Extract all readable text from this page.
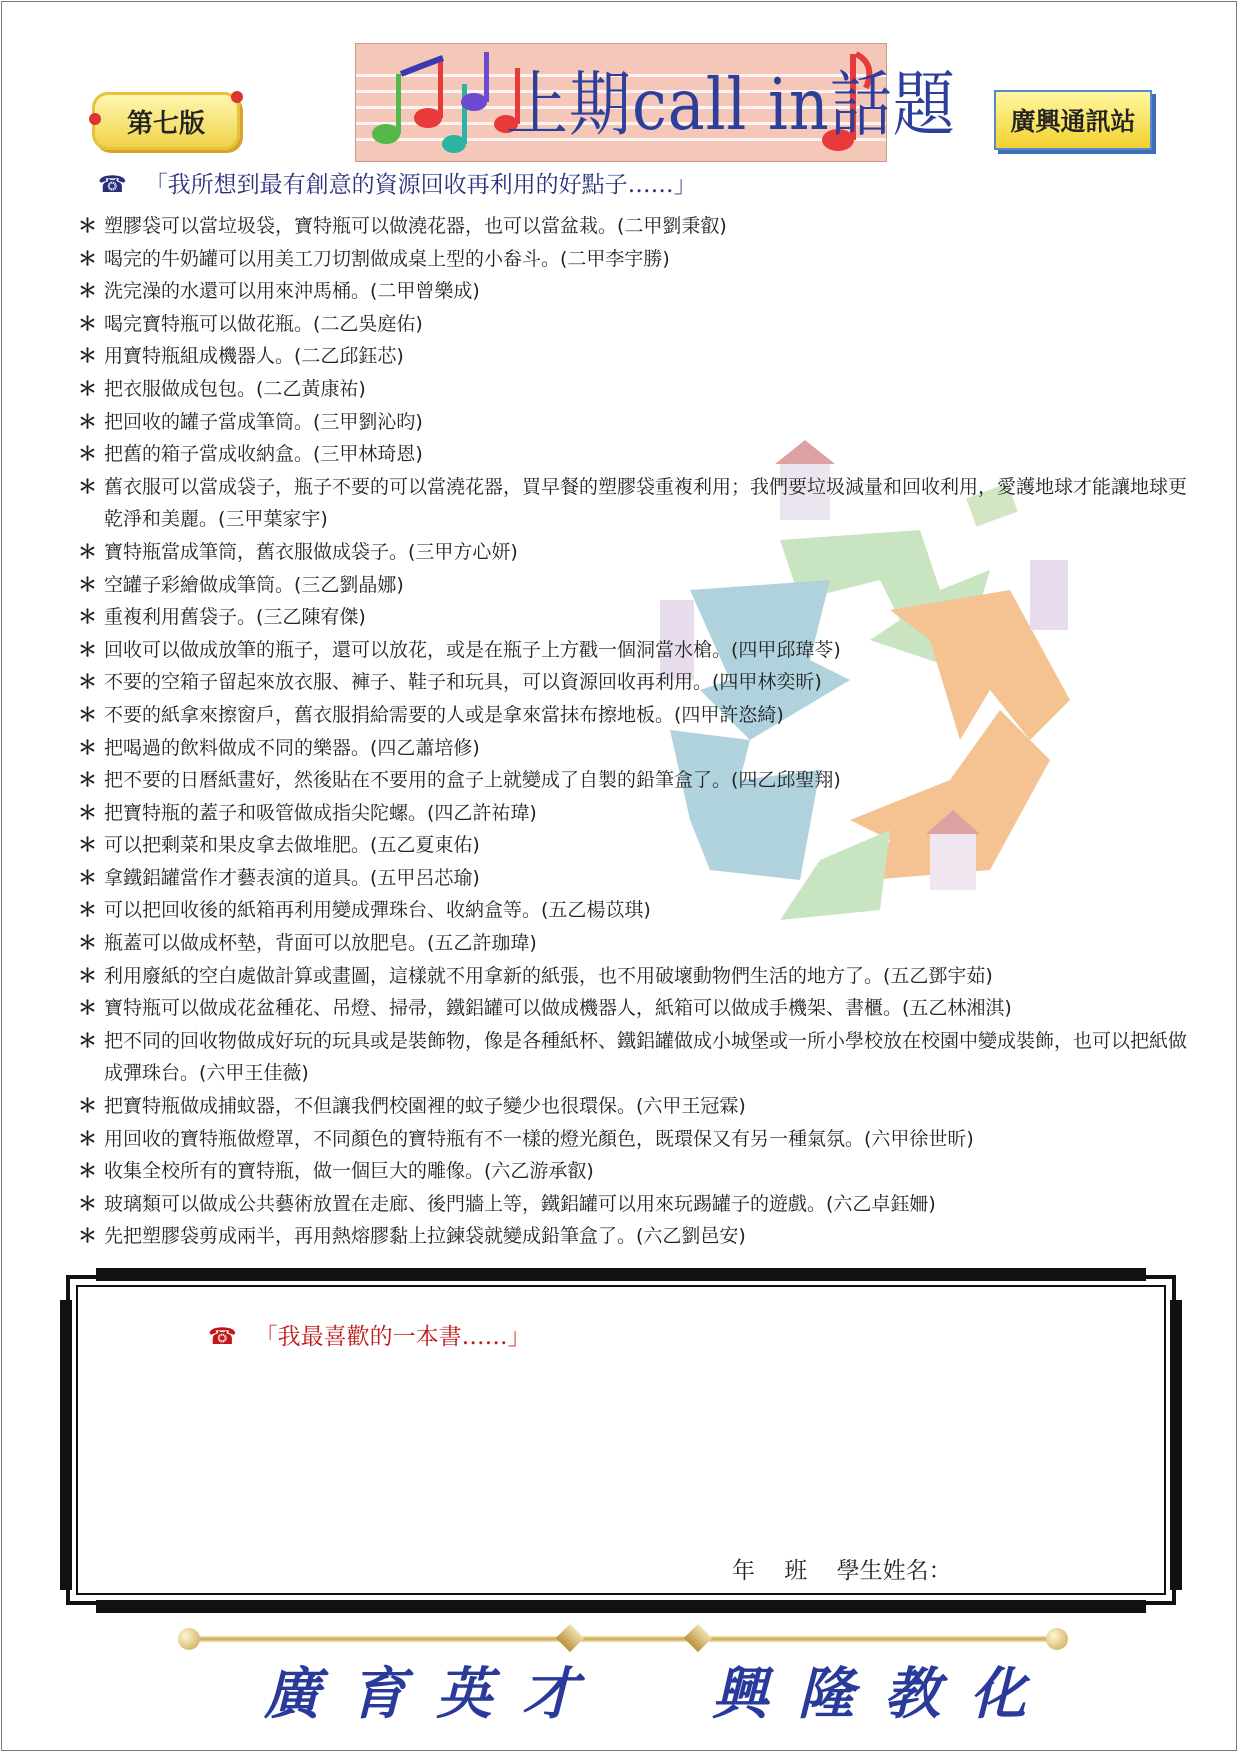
第七版	上期call in話題 廣興通訊站
☎ 「我所想到最有創意的資源回收再利用的好點子……」
＊ 塑膠袋可以當垃圾袋，寶特瓶可以做澆花器，也可以當盆栽。(二甲劉秉叡)
＊ 喝完的牛奶罐可以用美工刀切割做成桌上型的小畚斗。(二甲李宇勝)
＊ 洗完澡的水還可以用來沖馬桶。(二甲曾樂成)
＊ 喝完寶特瓶可以做花瓶。(二乙吳庭佑)
＊ 用寶特瓶組成機器人。(二乙邱鈺芯)
＊ 把衣服做成包包。(二乙黃康祐)
＊ 把回收的罐子當成筆筒。(三甲劉沁昀)
＊ 把舊的箱子當成收納盒。(三甲林琦恩)
＊ 舊衣服可以當成袋子，瓶子不要的可以當澆花器，買早餐的塑膠袋重複利用；我們要垃圾減量和回收利用，愛護地球才能讓地球更乾淨和美麗。(三甲葉家宇)
＊ 寶特瓶當成筆筒，舊衣服做成袋子。(三甲方心妍)
＊ 空罐子彩繪做成筆筒。(三乙劉晶娜)
＊ 重複利用舊袋子。(三乙陳宥傑)
＊ 回收可以做成放筆的瓶子，還可以放花，或是在瓶子上方戳一個洞當水槍。(四甲邱瑋苓)
＊ 不要的空箱子留起來放衣服、褲子、鞋子和玩具，可以資源回收再利用。(四甲林奕昕)
＊ 不要的紙拿來擦窗戶，舊衣服捐給需要的人或是拿來當抹布擦地板。(四甲許恣綺)
＊ 把喝過的飲料做成不同的樂器。(四乙蕭培修)
＊ 把不要的日曆紙畫好，然後貼在不要用的盒子上就變成了自製的鉛筆盒了。(四乙邱聖翔)
＊ 把寶特瓶的蓋子和吸管做成指尖陀螺。(四乙許祐瑋)
＊ 可以把剩菜和果皮拿去做堆肥。(五乙夏東佑)
＊ 拿鐵鋁罐當作才藝表演的道具。(五甲呂芯瑜)
＊ 可以把回收後的紙箱再利用變成彈珠台、收納盒等。(五乙楊苡琪)
＊ 瓶蓋可以做成杯墊，背面可以放肥皂。(五乙許珈瑋)
＊ 利用廢紙的空白處做計算或畫圖，這樣就不用拿新的紙張，也不用破壞動物們生活的地方了。(五乙鄧宇茹)
＊ 寶特瓶可以做成花盆種花、吊燈、掃帚，鐵鋁罐可以做成機器人，紙箱可以做成手機架、書櫃。(五乙林湘淇)
＊ 把不同的回收物做成好玩的玩具或是裝飾物，像是各種紙杯、鐵鋁罐做成小城堡或一所小學校放在校園中變成裝飾，也可以把紙做成彈珠台。(六甲王佳薇)
＊ 把寶特瓶做成捕蚊器，不但讓我們校園裡的蚊子變少也很環保。(六甲王冠霖)
＊ 用回收的寶特瓶做燈罩，不同顏色的寶特瓶有不一樣的燈光顏色，既環保又有另一種氣氛。(六甲徐世昕)
＊ 收集全校所有的寶特瓶，做一個巨大的雕像。(六乙游承叡)
＊ 玻璃類可以做成公共藝術放置在走廊、後門牆上等，鐵鋁罐可以用來玩踢罐子的遊戲。(六乙卓鈺姍)
＊ 先把塑膠袋剪成兩半，再用熱熔膠黏上拉鍊袋就變成鉛筆盒了。(六乙劉邑安)
☎ 「我最喜歡的一本書……」
年 班 學生姓名：
廣育英才 興隆教化
